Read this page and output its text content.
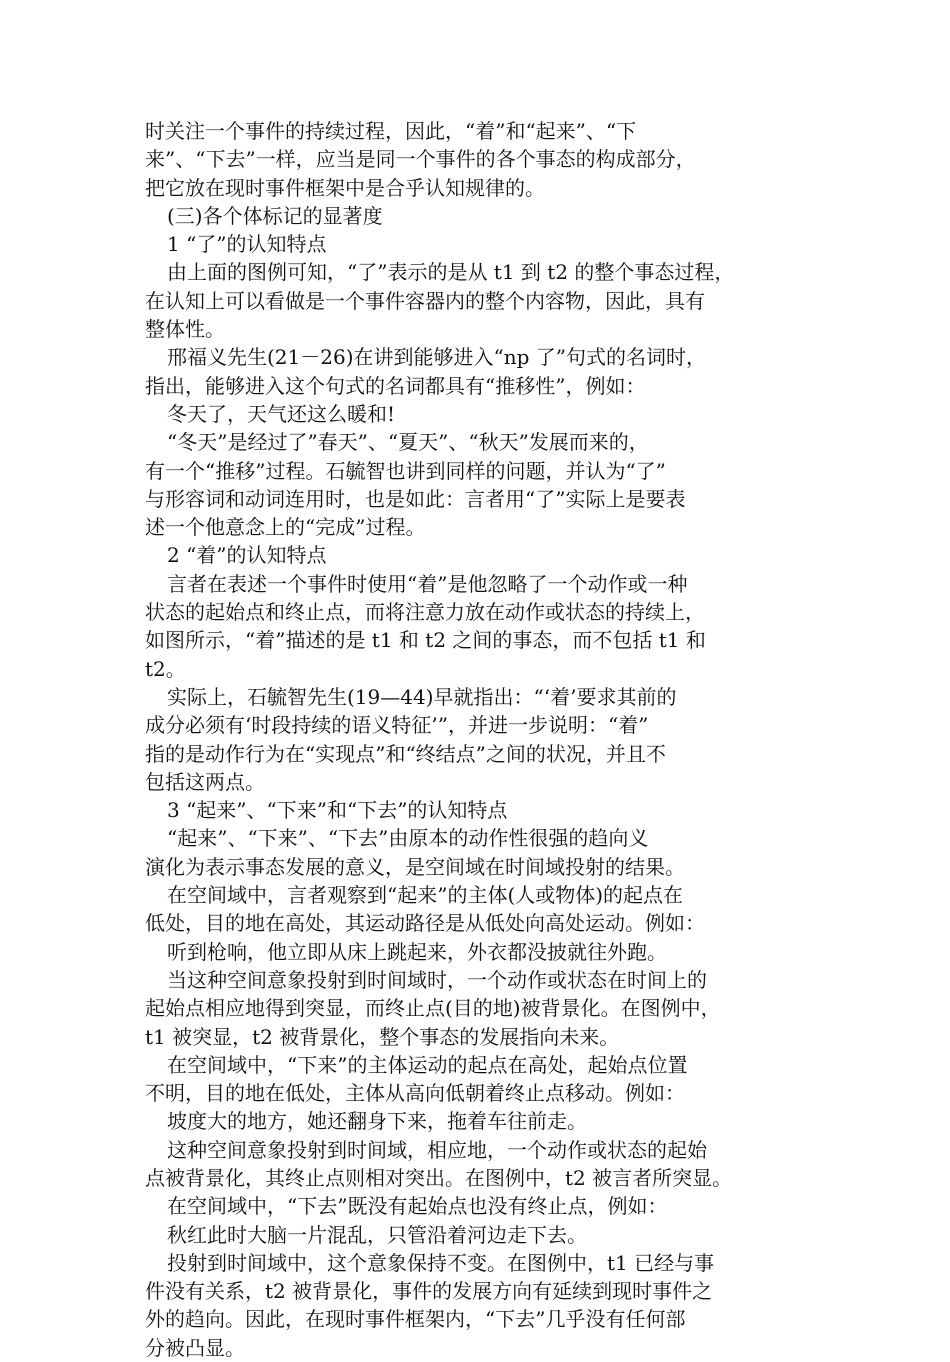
时关注一个事件的持续过程，因此，“着”和“起来”、“下
来”、“下去”一样，应当是同一个事件的各个事态的构成部分，
把它放在现时事件框架中是合乎认知规律的。
(三)各个体标记的显著度
1 “了”的认知特点
由上面的图例可知，“了”表示的是从 t1 到 t2 的整个事态过程，
在认知上可以看做是一个事件容器内的整个内容物，因此，具有
整体性。
邢福义先生(21－26)在讲到能够进入“np 了”句式的名词时，
指出，能够进入这个句式的名词都具有“推移性”，例如：
冬天了，天气还这么暖和!
“冬天”是经过了”春天”、“夏天”、“秋天”发展而来的，
有一个“推移”过程。石毓智也讲到同样的问题，并认为“了”
与形容词和动词连用时，也是如此：言者用“了”实际上是要表
述一个他意念上的“完成”过程。
2 “着”的认知特点
言者在表述一个事件时使用“着”是他忽略了一个动作或一种
状态的起始点和终止点，而将注意力放在动作或状态的持续上，
如图所示，“着”描述的是 t1 和 t2 之间的事态，而不包括 t1 和
t2。
实际上，石毓智先生(19—44)早就指出：“‘着’要求其前的
成分必须有‘时段持续的语义特征’”，并进一步说明：“着”
指的是动作行为在“实现点”和“终结点”之间的状况，并且不
包括这两点。
3 “起来”、“下来”和“下去”的认知特点
“起来”、“下来”、“下去”由原本的动作性很强的趋向义
演化为表示事态发展的意义，是空间域在时间域投射的结果。
在空间域中，言者观察到“起来”的主体(人或物体)的起点在
低处，目的地在高处，其运动路径是从低处向高处运动。例如：
听到枪响，他立即从床上跳起来，外衣都没披就往外跑。
当这种空间意象投射到时间域时，一个动作或状态在时间上的
起始点相应地得到突显，而终止点(目的地)被背景化。在图例中，
t1 被突显，t2 被背景化，整个事态的发展指向未来。
在空间域中，“下来”的主体运动的起点在高处，起始点位置
不明，目的地在低处，主体从高向低朝着终止点移动。例如：
坡度大的地方，她还翻身下来，拖着车往前走。
这种空间意象投射到时间域，相应地，一个动作或状态的起始
点被背景化，其终止点则相对突出。在图例中，t2 被言者所突显。
在空间域中，“下去”既没有起始点也没有终止点，例如：
秋红此时大脑一片混乱，只管沿着河边走下去。
投射到时间域中，这个意象保持不变。在图例中，t1 已经与事
件没有关系，t2 被背景化，事件的发展方向有延续到现时事件之
外的趋向。因此，在现时事件框架内，“下去”几乎没有任何部
分被凸显。
